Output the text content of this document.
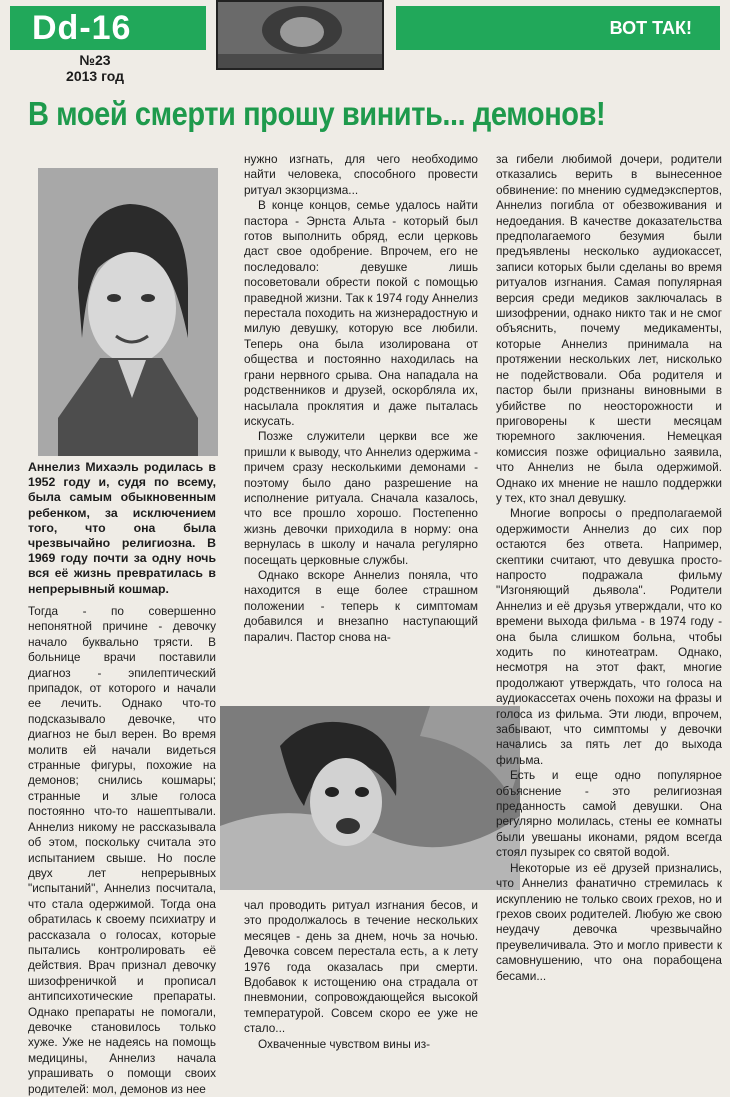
Dd-16	ВОТ ТАК!
№23
2013 год
В моей смерти прошу винить... демонов!

Аннелиз Михаэль родилась в 1952 году и, судя по всему, была самым обыкновенным ребенком, за исключением того, что она была чрезвычайно религиозна. В 1969 году почти за одну ночь вся её жизнь превратилась в непрерывный кошмар.

Тогда - по совершенно непонятной причине - девочку начало буквально трясти. В больнице врачи поставили диагноз - эпилептический припадок, от которого и начали ее лечить. Однако что-то подсказывало девочке, что диагноз не был верен. Во время молитв ей начали видеться странные фигуры, похожие на демонов; снились кошмары; странные и злые голоса постоянно что-то нашептывали. Аннелиз никому не рассказывала об этом, поскольку считала это испытанием свыше. Но после двух лет непрерывных "испытаний", Аннелиз посчитала, что стала одержимой. Тогда она обратилась к своему психиатру и рассказала о голосах, которые пытались контролировать её действия. Врач признал девочку шизофреничкой и прописал антипсихотические препараты. Однако препараты не помогали, девочке становилось только хуже. Уже не надеясь на помощь медицины, Аннелиз начала упрашивать о помощи своих родителей: мол, демонов из нее

нужно изгнать, для чего необходимо найти человека, способного провести ритуал экзорцизма...

В конце концов, семье удалось найти пастора - Эрнста Альта - который был готов выполнить обряд, если церковь даст свое одобрение. Впрочем, его не последовало: девушке лишь посоветовали обрести покой с помощью праведной жизни. Так к 1974 году Аннелиз перестала походить на жизнерадостную и милую девушку, которую все любили. Теперь она была изолирована от общества и постоянно находилась на грани нервного срыва. Она нападала на родственников и друзей, оскорбляла их, насылала проклятия и даже пыталась искусать.

Позже служители церкви все же пришли к выводу, что Аннелиз одержима - причем сразу несколькими демонами - поэтому было дано разрешение на исполнение ритуала. Сначала казалось, что все прошло хорошо. Постепенно жизнь девочки приходила в норму: она вернулась в школу и начала регулярно посещать церковные службы.

Однако вскоре Аннелиз поняла, что находится в еще более страшном положении - теперь к симптомам добавился и внезапно наступающий паралич. Пастор снова на-

чал проводить ритуал изгнания бесов, и это продолжалось в течение нескольких месяцев - день за днем, ночь за ночью. Девочка совсем перестала есть, а к лету 1976 года оказалась при смерти. Вдобавок к истощению она страдала от пневмонии, сопровождающейся высокой температурой. Совсем скоро ее уже не стало...

Охваченные чувством вины из-

за гибели любимой дочери, родители отказались верить в вынесенное обвинение: по мнению судмедэкспертов, Аннелиз погибла от обезвоживания и недоедания. В качестве доказательства предполагаемого безумия были предъявлены несколько аудиокассет, записи которых были сделаны во время ритуалов изгнания. Самая популярная версия среди медиков заключалась в шизофрении, однако никто так и не смог объяснить, почему медикаменты, которые Аннелиз принимала на протяжении нескольких лет, нисколько не подействовали. Оба родителя и пастор были признаны виновными в убийстве по неосторожности и приговорены к шести месяцам тюремного заключения. Немецкая комиссия позже официально заявила, что Аннелиз не была одержимой. Однако их мнение не нашло поддержки у тех, кто знал девушку.

Многие вопросы о предполагаемой одержимости Аннелиз до сих пор остаются без ответа. Например, скептики считают, что девушка просто-напросто подражала фильму "Изгоняющий дьявола". Родители Аннелиз и её друзья утверждали, что ко времени выхода фильма - в 1974 году - она была слишком больна, чтобы ходить по кинотеатрам. Однако, несмотря на этот факт, многие продолжают утверждать, что голоса на аудиокассетах очень похожи на фразы и голоса из фильма. Эти люди, впрочем, забывают, что симптомы у девочки начались за пять лет до выхода фильма.

Есть и еще одно популярное объяснение - это религиозная преданность самой девушки. Она регулярно молилась, стены ее комнаты были увешаны иконами, рядом всегда стоял пузырек со святой водой.

Некоторые из её друзей признались, что Аннелиз фанатично стремилась к искуплению не только своих грехов, но и грехов своих родителей. Любую же свою неудачу девочка чрезвычайно преувеличивала. Это и могло привести к самовнушению, что она порабощена бесами...
